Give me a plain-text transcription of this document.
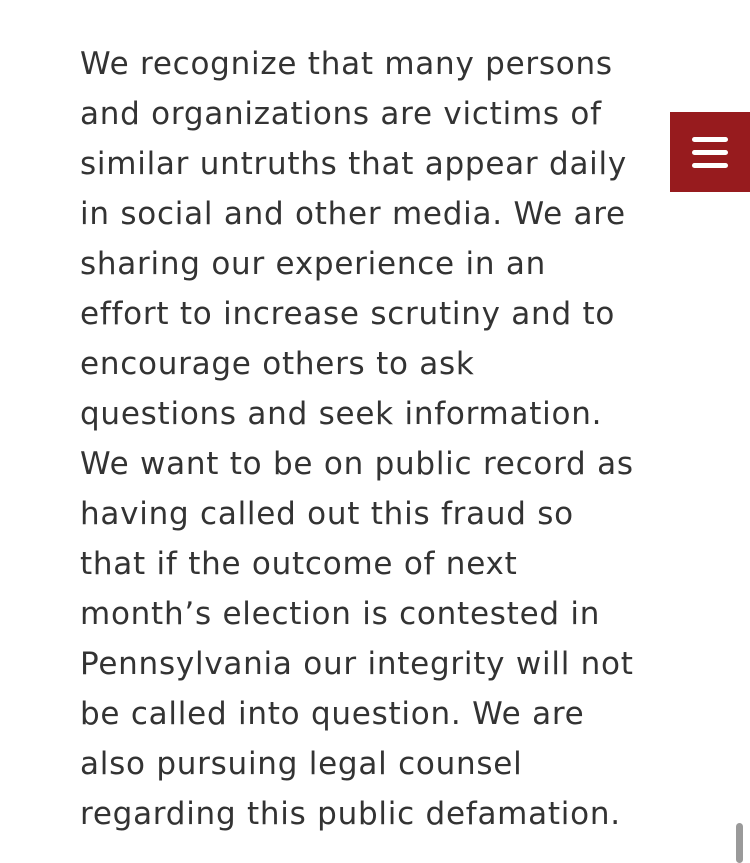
We recognize that many persons
and organizations are victims of
similar untruths that appear daily
in social and other media. We are
sharing our experience in an
effort to increase scrutiny and to
encourage others to ask
questions and seek information.
We want to be on public record as
having called out this fraud so
that if the outcome of next
month’s election is contested in
Pennsylvania our integrity will not
be called into question. We are
also pursuing legal counsel
regarding this public defamation.
